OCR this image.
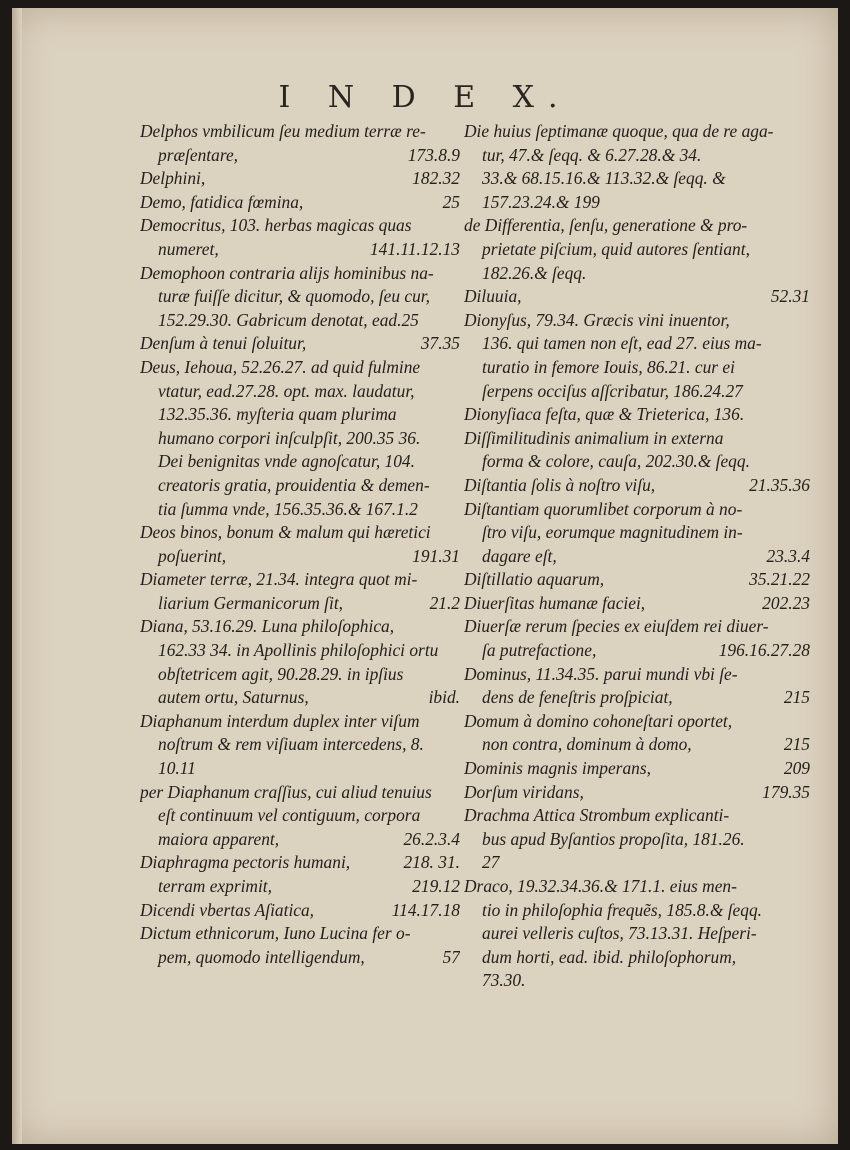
I N D E X.
Delphos vmbilicum ſeu medium terræ re-
præſentare,	173.8.9
Delphini,	182.32
Demo, fatidica fœmina,	25
Democritus, 103. herbas magicas quas
numeret,	141.11.12.13
Demophoon contraria alijs hominibus na-
turæ fuiſſe dicitur, & quomodo, ſeu cur,
152.29.30. Gabricum denotat, ead.25
Denſum à tenui ſoluitur,	37.35
Deus, Iehoua, 52.26.27. ad quid fulmine
vtatur, ead.27.28. opt. max. laudatur,
132.35.36. myſteria quam plurima
humano corpori inſculpſit, 200.35 36.
Dei benignitas vnde agnoſcatur, 104.
creatoris gratia, prouidentia & demen-
tia ſumma vnde, 156.35.36.& 167.1.2
Deos binos, bonum & malum qui hæretici
poſuerint,	191.31
Diameter terræ, 21.34. integra quot mi-
liarium Germanicorum ſit,	21.2
Diana, 53.16.29. Luna philoſophica,
162.33 34. in Apollinis philoſophici ortu
obſtetricem agit, 90.28.29. in ipſius
autem ortu, Saturnus,	ibid.
Diaphanum interdum duplex inter viſum
noſtrum & rem viſiuam intercedens, 8.
10.11
per Diaphanum craſſius, cui aliud tenuius
eſt continuum vel contiguum, corpora
maiora apparent,	26.2.3.4
Diaphragma pectoris humani,	218. 31.
terram exprimit,	219.12
Dicendi vbertas Aſiatica,	114.17.18
Dictum ethnicorum, Iuno Lucina fer o-
pem, quomodo intelligendum,	57
Die huius ſeptimanæ quoque, qua de re aga-
tur, 47.& ſeqq. & 6.27.28.& 34.
33.& 68.15.16.& 113.32.& ſeqq. &
157.23.24.& 199
de Differentia, ſenſu, generatione & pro-
prietate piſcium, quid autores ſentiant,
182.26.& ſeqq.
Diluuia,	52.31
Dionyſus, 79.34. Græcis vini inuentor,
136. qui tamen non eſt, ead 27. eius ma-
turatio in femore Iouis, 86.21. cur ei
ſerpens occiſus aſſcribatur, 186.24.27
Dionyſiaca feſta, quæ & Trieterica, 136.
Diſſimilitudinis animalium in externa
forma & colore, cauſa, 202.30.& ſeqq.
Diſtantia ſolis à noſtro viſu,	21.35.36
Diſtantiam quorumlibet corporum à no-
ſtro viſu, eorumque magnitudinem in-
dagare eſt,	23.3.4
Diſtillatio aquarum,	35.21.22
Diuerſitas humanæ faciei,	202.23
Diuerſæ rerum ſpecies ex eiuſdem rei diuer-
ſa putrefactione,	196.16.27.28
Dominus, 11.34.35. parui mundi vbi ſe-
dens de feneſtris proſpiciat,	215
Domum à domino cohoneſtari oportet,
non contra, dominum à domo,	215
Dominis magnis imperans,	209
Dorſum viridans,	179.35
Drachma Attica Strombum explicanti-
bus apud Byſantios propoſita, 181.26.
27
Draco, 19.32.34.36.& 171.1. eius men-
tio in philoſophia frequẽs, 185.8.& ſeqq.
aurei velleris cuſtos, 73.13.31. Heſperi-
dum horti, ead. ibid. philoſophorum,
73.30.
